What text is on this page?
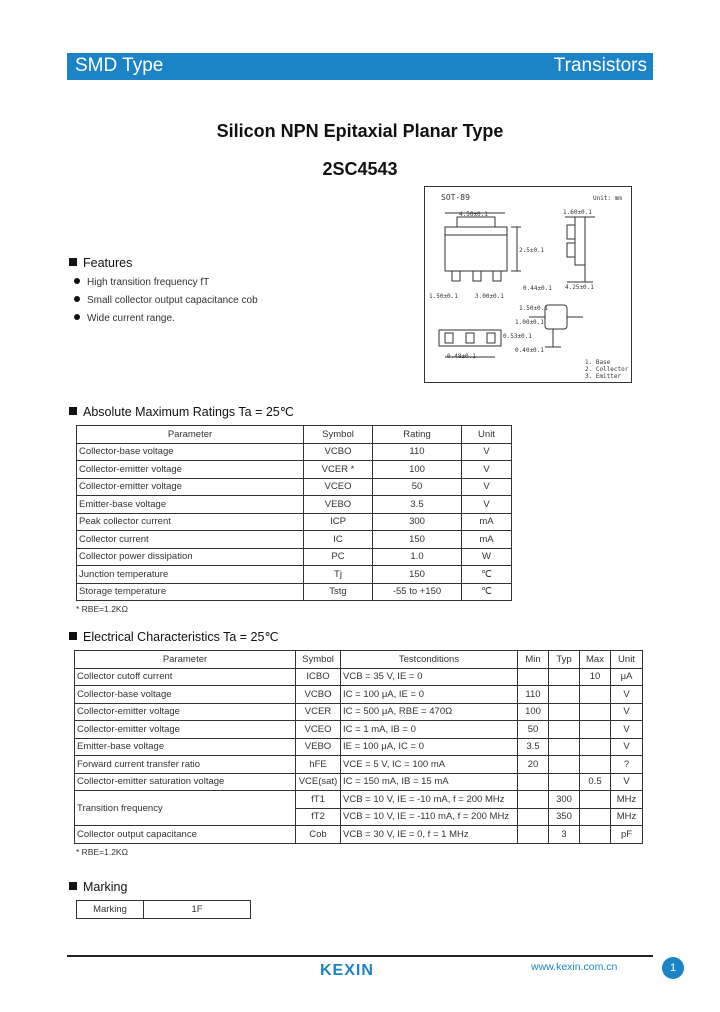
SMD Type	Transistors
Silicon NPN Epitaxial Planar Type
2SC4543
Features
High transition frequency fT
Small collector output capacitance cob
Wide current range.
SOT-89	Unit: mm
4.50±0.1	1.60±0.1
2.5±0.1
4.25±0.1
1.50±0.1	3.00±0.1
1.50±0.1
0.48±0.1
0.53±0.1
0.40±0.1
1.00±0.1
0.44±0.1
1. Base
2. Collector
3. Emitter
Absolute Maximum Ratings Ta = 25℃
Parameter	Symbol	Rating	Unit
Collector-base voltage	VCBO	110	V
Collector-emitter voltage	VCER *	100	V
Collector-emitter voltage	VCEO	50	V
Emitter-base voltage	VEBO	3.5	V
Peak collector current	ICP	300	mA
Collector current	IC	150	mA
Collector power dissipation	PC	1.0	W
Junction temperature	Tj	150	℃
Storage temperature	Tstg	-55 to +150	℃
* RBE=1.2KΩ
Electrical Characteristics Ta = 25℃
Parameter	Symbol	Testconditions	Min	Typ	Max	Unit
Collector cutoff current	ICBO	VCB = 35 V, IE = 0			10	μA
Collector-base voltage	VCBO	IC = 100 μA, IE = 0	110			V
Collector-emitter voltage	VCER	IC = 500 μA, RBE = 470Ω	100			V
Collector-emitter voltage	VCEO	IC = 1 mA, IB = 0	50			V
Emitter-base voltage	VEBO	IE = 100 μA, IC = 0	3.5			V
Forward current transfer ratio	hFE	VCE = 5 V, IC = 100 mA	20			?
Collector-emitter saturation voltage	VCE(sat)	IC = 150 mA, IB = 15 mA			0.5	V
Transition frequency	fT1	VCB = 10 V, IE = -10 mA, f = 200 MHz		300		MHz
	fT2	VCB = 10 V, IE = -110 mA, f = 200 MHz		350		MHz
Collector output capacitance	Cob	VCB = 30 V, IE = 0, f = 1 MHz		3		pF
* RBE=1.2KΩ
Marking
Marking	1F
KEXIN	www.kexin.com.cn	1
